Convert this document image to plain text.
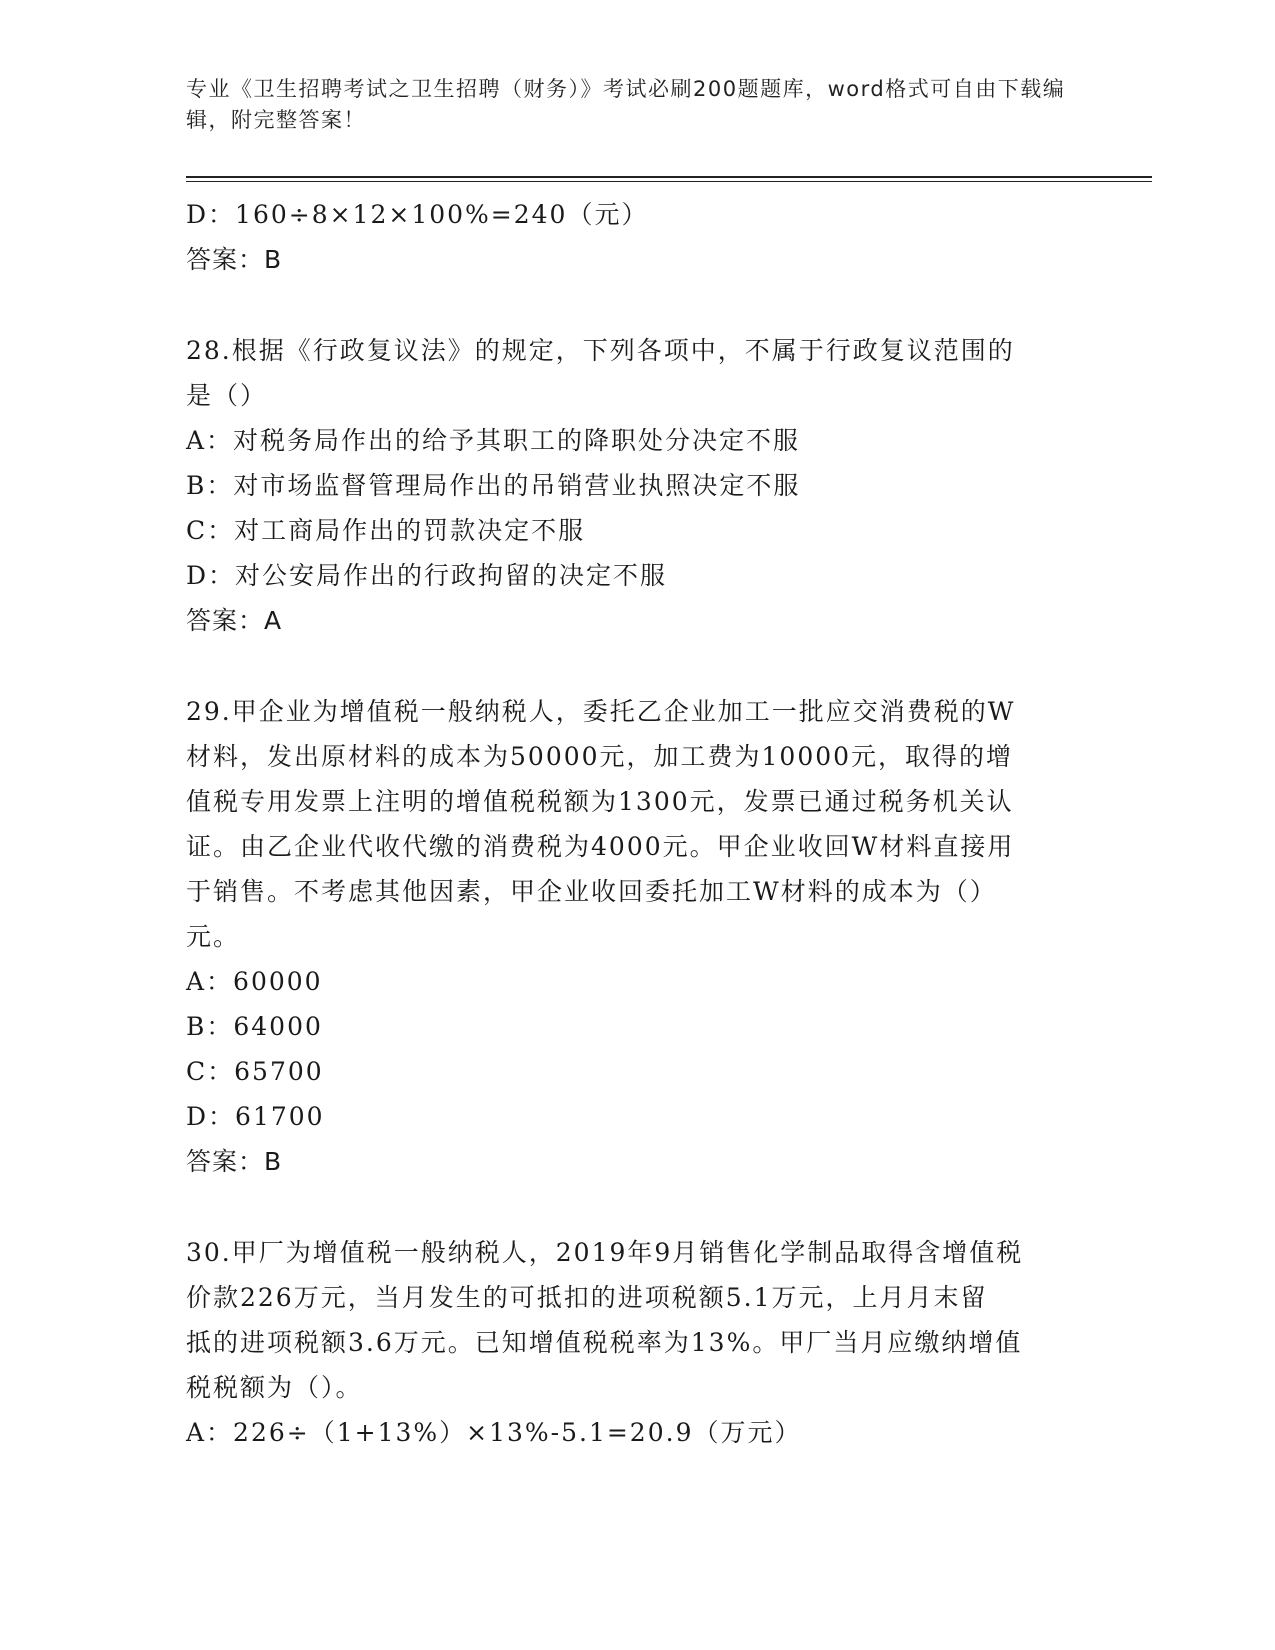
专业《卫生招聘考试之卫生招聘（财务）》考试必刷200题题库，word格式可自由下载编辑，附完整答案！
D：160÷8×12×100%=240（元）
答案：B
28.根据《行政复议法》的规定，下列各项中，不属于行政复议范围的
是（）
A：对税务局作出的给予其职工的降职处分决定不服
B：对市场监督管理局作出的吊销营业执照决定不服
C：对工商局作出的罚款决定不服
D：对公安局作出的行政拘留的决定不服
答案：A
29.甲企业为增值税一般纳税人，委托乙企业加工一批应交消费税的W
材料，发出原材料的成本为50000元，加工费为10000元，取得的增
值税专用发票上注明的增值税税额为1300元，发票已通过税务机关认
证。由乙企业代收代缴的消费税为4000元。甲企业收回W材料直接用
于销售。不考虑其他因素，甲企业收回委托加工W材料的成本为（）
元。
A：60000
B：64000
C：65700
D：61700
答案：B
30.甲厂为增值税一般纳税人，2019年9月销售化学制品取得含增值税
价款226万元，当月发生的可抵扣的进项税额5.1万元，上月月末留
抵的进项税额3.6万元。已知增值税税率为13%。甲厂当月应缴纳增值
税税额为（）。
A：226÷（1+13%）×13%-5.1=20.9（万元）
